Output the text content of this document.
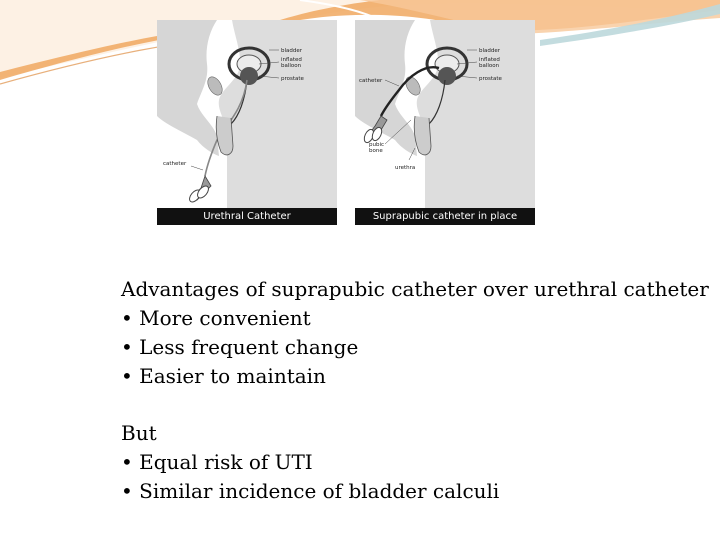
bladder
inflated
balloon
prostate
catheter
Urethral Catheter
bladder
inflated
balloon
prostate
catheter
pubic
bone
urethra
Suprapubic catheter in place
Advantages of suprapubic catheter over urethral catheter
• More convenient
• Less frequent change
• Easier to maintain
But
• Equal risk of UTI
• Similar incidence of bladder calculi
